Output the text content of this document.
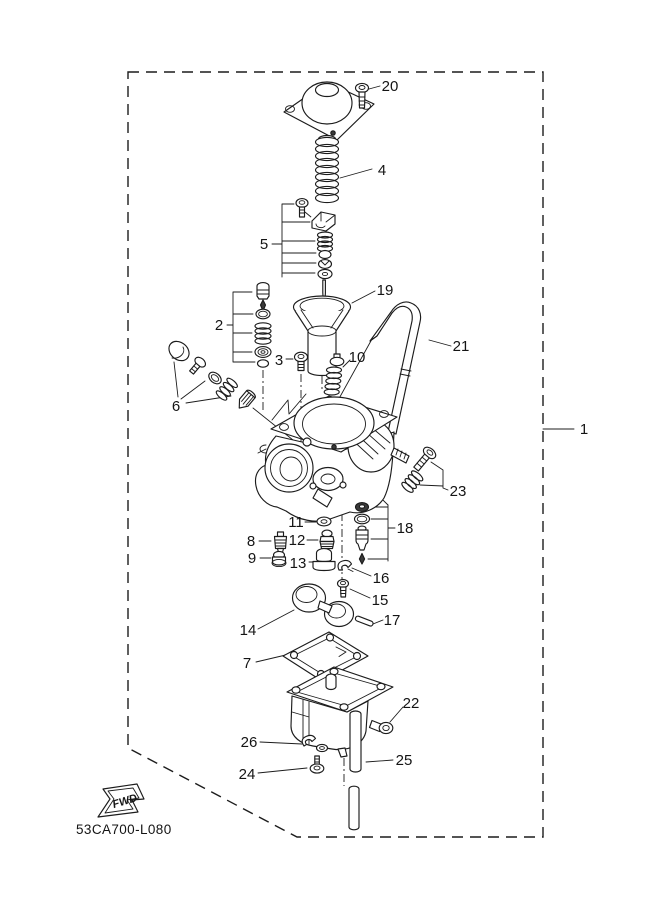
FWD
53CA700-L080
1
2
3
4
5
6
7
8
9
10
11
12
13
14
15
16
17
18
19
20
21
22
23
24
25
26
